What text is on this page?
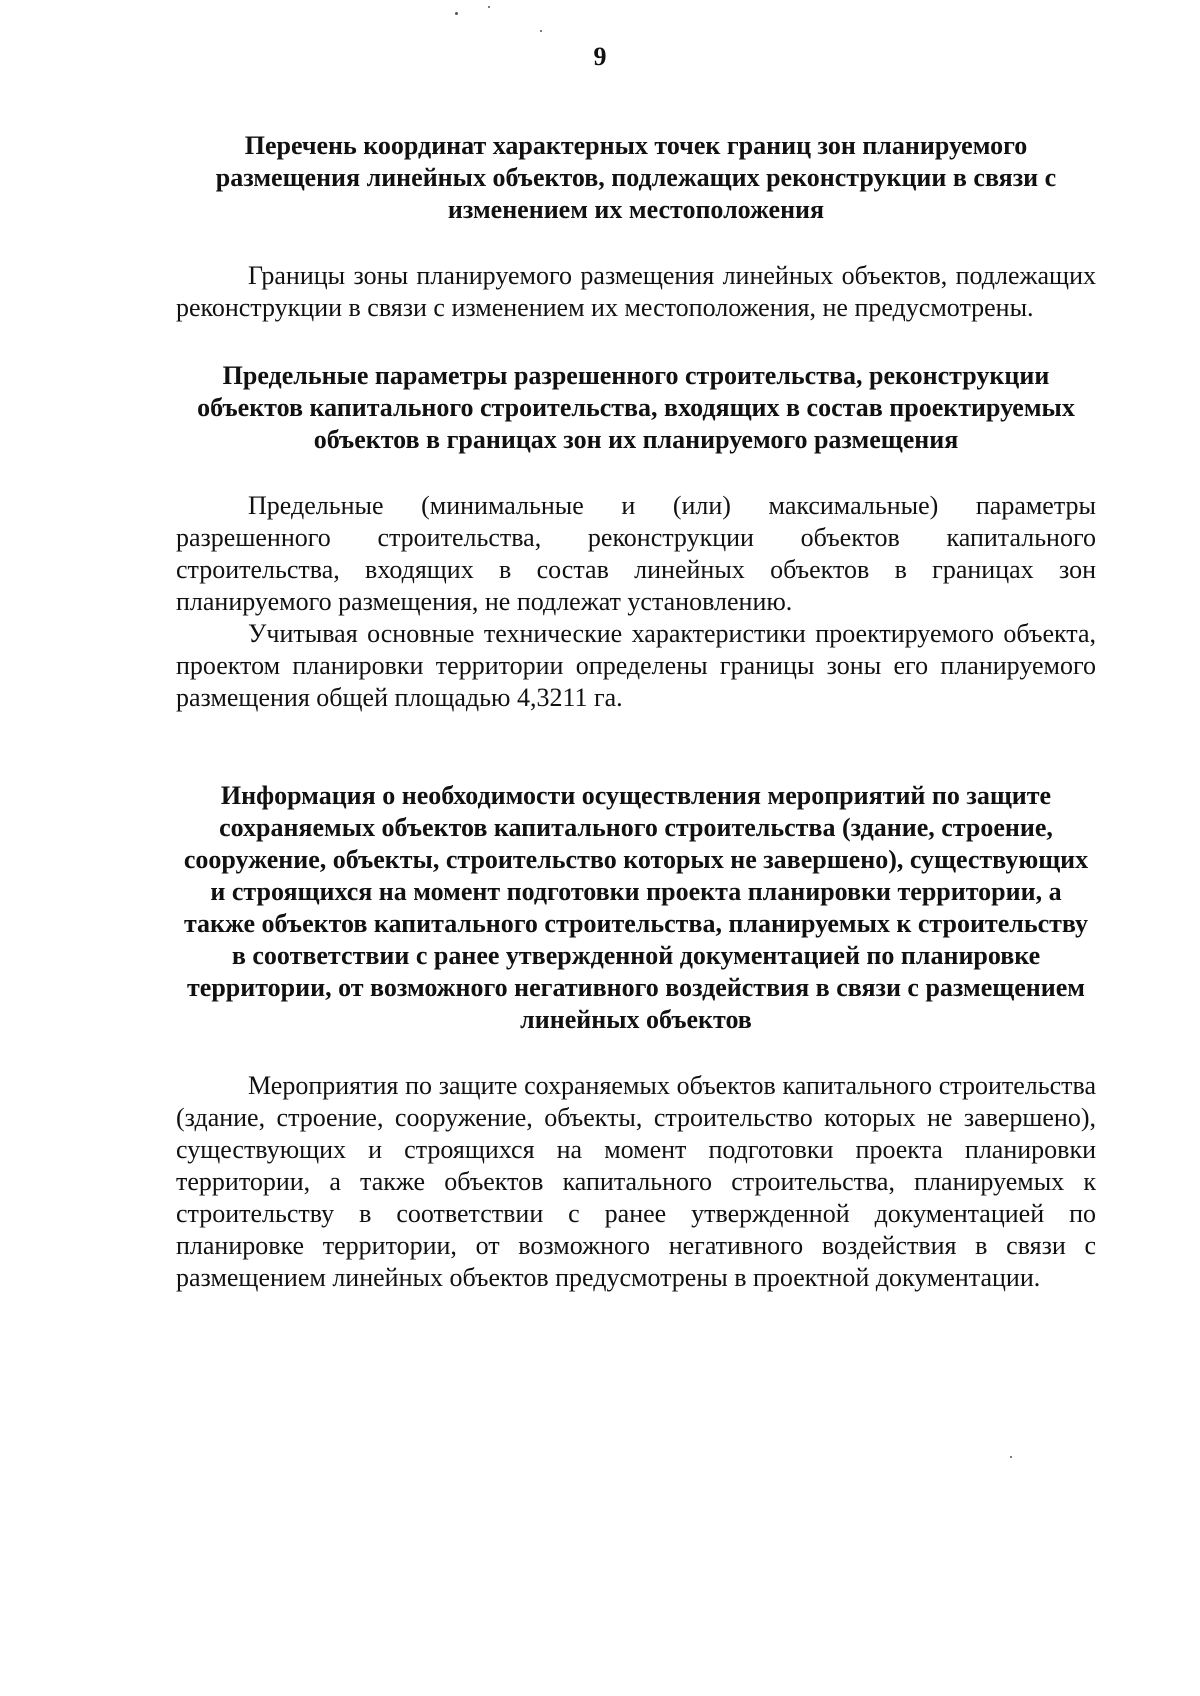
9

Перечень координат характерных точек границ зон планируемого размещения линейных объектов, подлежащих реконструкции в связи с изменением их местоположения

Границы зоны планируемого размещения линейных объектов, подлежащих реконструкции в связи с изменением их местоположения, не предусмотрены.

Предельные параметры разрешенного строительства, реконструкции объектов капитального строительства, входящих в состав проектируемых объектов в границах зон их планируемого размещения

Предельные (минимальные и (или) максимальные) параметры разрешенного строительства, реконструкции объектов капитального строительства, входящих в состав линейных объектов в границах зон планируемого размещения, не подлежат установлению.

Учитывая основные технические характеристики проектируемого объекта, проектом планировки территории определены границы зоны его планируемого размещения общей площадью 4,3211 га.

Информация о необходимости осуществления мероприятий по защите сохраняемых объектов капитального строительства (здание, строение, сооружение, объекты, строительство которых не завершено), существующих и строящихся на момент подготовки проекта планировки территории, а также объектов капитального строительства, планируемых к строительству в соответствии с ранее утвержденной документацией по планировке территории, от возможного негативного воздействия в связи с размещением линейных объектов

Мероприятия по защите сохраняемых объектов капитального строительства (здание, строение, сооружение, объекты, строительство которых не завершено), существующих и строящихся на момент подготовки проекта планировки территории, а также объектов капитального строительства, планируемых к строительству в соответствии с ранее утвержденной документацией по планировке территории, от возможного негативного воздействия в связи с размещением линейных объектов предусмотрены в проектной документации.
